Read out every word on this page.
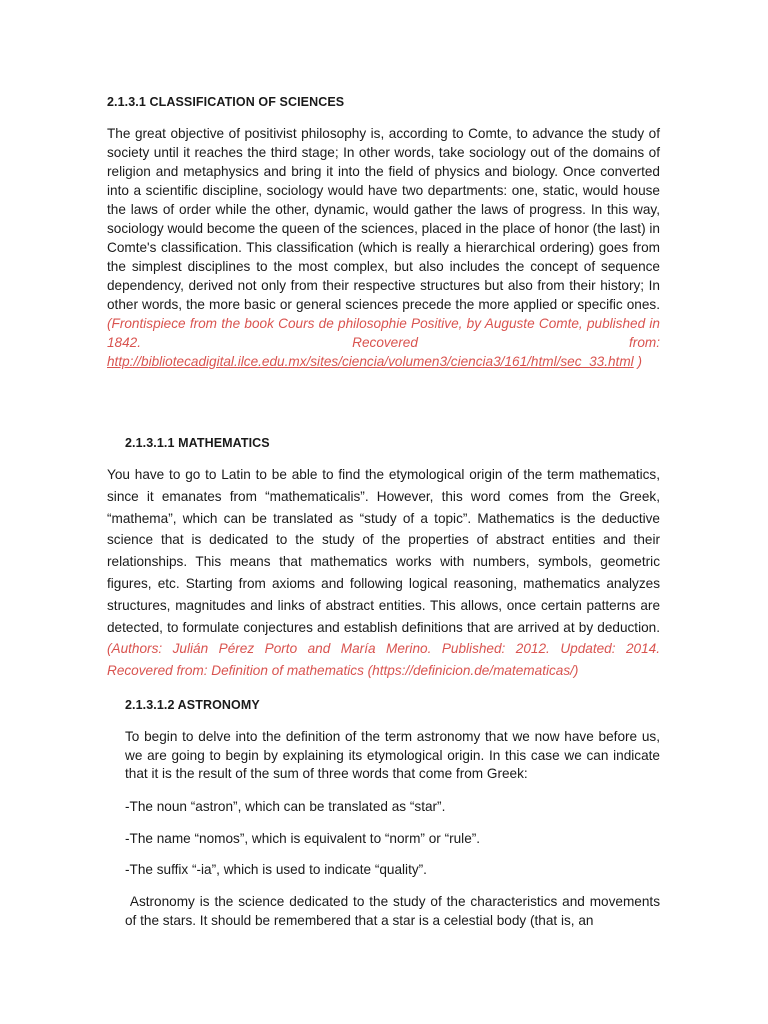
2.1.3.1 CLASSIFICATION OF SCIENCES
The great objective of positivist philosophy is, according to Comte, to advance the study of society until it reaches the third stage; In other words, take sociology out of the domains of religion and metaphysics and bring it into the field of physics and biology. Once converted into a scientific discipline, sociology would have two departments: one, static, would house the laws of order while the other, dynamic, would gather the laws of progress. In this way, sociology would become the queen of the sciences, placed in the place of honor (the last) in Comte's classification. This classification (which is really a hierarchical ordering) goes from the simplest disciplines to the most complex, but also includes the concept of sequence dependency, derived not only from their respective structures but also from their history; In other words, the more basic or general sciences precede the more applied or specific ones. (Frontispiece from the book Cours de philosophie Positive, by Auguste Comte, published in 1842. Recovered from: http://bibliotecadigital.ilce.edu.mx/sites/ciencia/volumen3/ciencia3/161/html/sec_33.html )
2.1.3.1.1 MATHEMATICS
You have to go to Latin to be able to find the etymological origin of the term mathematics, since it emanates from “mathematicalis”. However, this word comes from the Greek, “mathema”, which can be translated as “study of a topic”. Mathematics is the deductive science that is dedicated to the study of the properties of abstract entities and their relationships. This means that mathematics works with numbers, symbols, geometric figures, etc. Starting from axioms and following logical reasoning, mathematics analyzes structures, magnitudes and links of abstract entities. This allows, once certain patterns are detected, to formulate conjectures and establish definitions that are arrived at by deduction. (Authors: Julián Pérez Porto and María Merino. Published: 2012. Updated: 2014. Recovered from: Definition of mathematics (https://definicion.de/matematicas/)
2.1.3.1.2 ASTRONOMY
To begin to delve into the definition of the term astronomy that we now have before us, we are going to begin by explaining its etymological origin. In this case we can indicate that it is the result of the sum of three words that come from Greek:
-The noun “astron”, which can be translated as “star”.
-The name “nomos”, which is equivalent to “norm” or “rule”.
-The suffix “-ia”, which is used to indicate “quality”.
Astronomy is the science dedicated to the study of the characteristics and movements of the stars. It should be remembered that a star is a celestial body (that is, an
